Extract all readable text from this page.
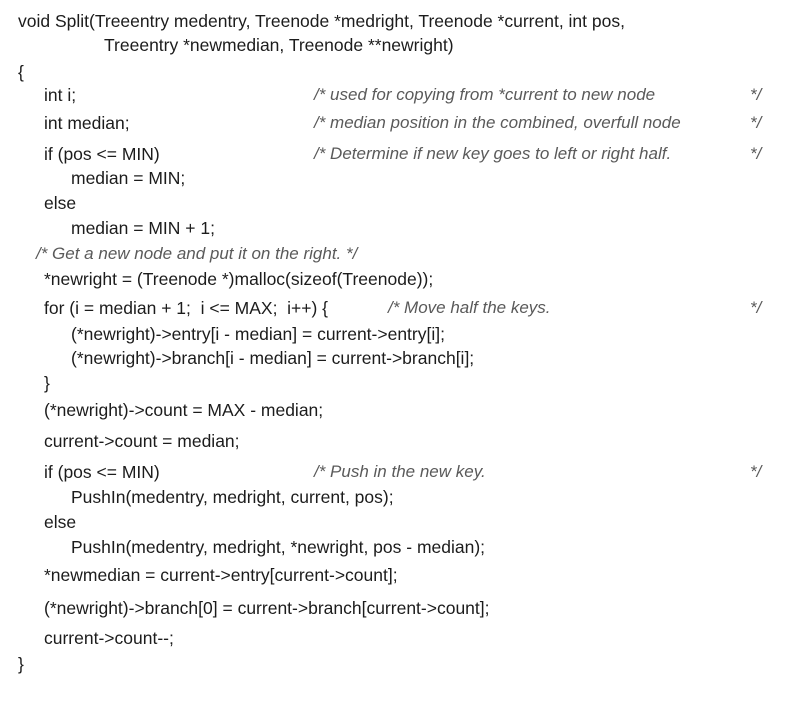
void Split(Treeentry medentry, Treenode *medright, Treenode *current, int pos,

Treeentry *newmedian, Treenode **newright)

{

int i;

	/* used for copying from *current to new node

	*/

int median;

	/* median position in the combined, overfull node

	*/

if (pos <= MIN)

	/* Determine if new key goes to left or right half.

	*/

median = MIN;

else

median = MIN + 1;

/* Get a new node and put it on the right. */

*newright = (Treenode *)malloc(sizeof(Treenode));

for (i = median + 1;  i <= MAX;  i++) {

	/* Move half the keys.

	*/

(*newright)->entry[i - median] = current->entry[i];

(*newright)->branch[i - median] = current->branch[i];

}

(*newright)->count = MAX - median;

current->count = median;

if (pos <= MIN)

	/* Push in the new key.

	*/

PushIn(medentry, medright, current, pos);

else

PushIn(medentry, medright, *newright, pos - median);

*newmedian = current->entry[current->count];

(*newright)->branch[0] = current->branch[current->count];

current->count--;

}
